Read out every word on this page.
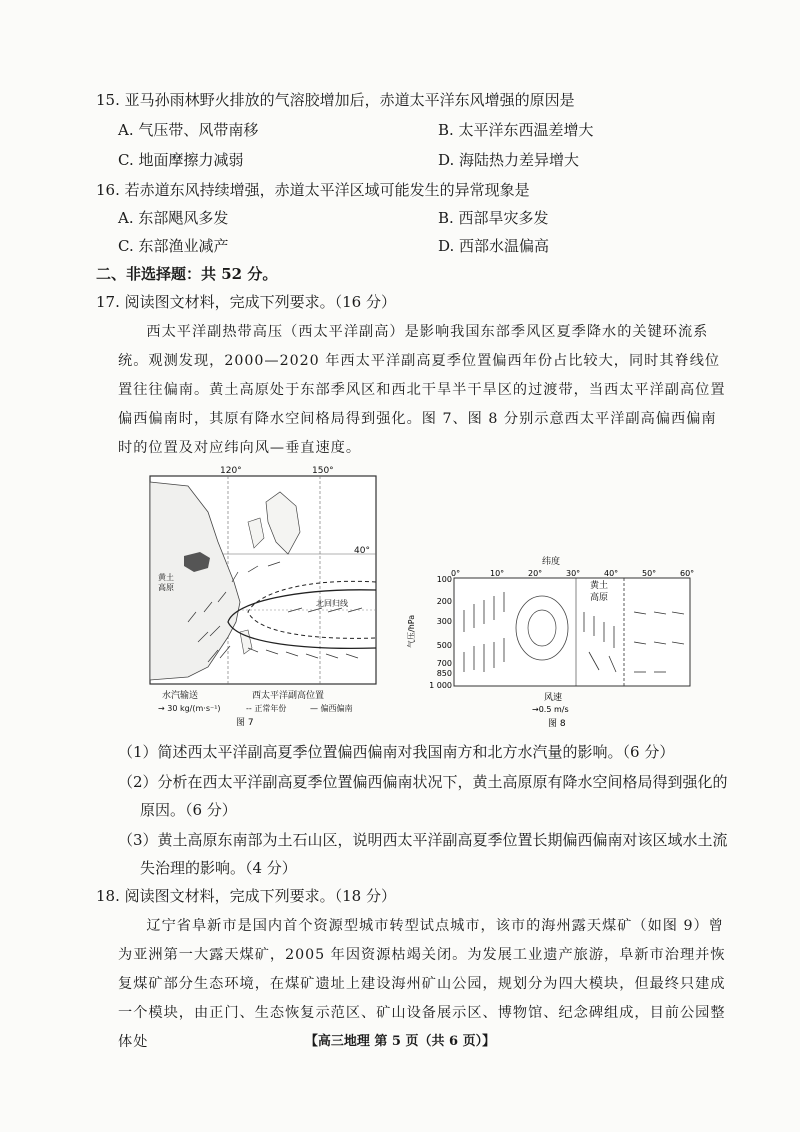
15. 亚马孙雨林野火排放的气溶胶增加后，赤道太平洋东风增强的原因是
A. 气压带、风带南移	B. 太平洋东西温差增大
C. 地面摩擦力减弱	D. 海陆热力差异增大
16. 若赤道东风持续增强，赤道太平洋区域可能发生的异常现象是
A. 东部飓风多发	B. 西部旱灾多发
C. 东部渔业减产	D. 西部水温偏高
二、非选择题：共 52 分。
17. 阅读图文材料，完成下列要求。（16 分）
西太平洋副热带高压（西太平洋副高）是影响我国东部季风区夏季降水的关键环流系统。观测发现，2000—2020 年西太平洋副高夏季位置偏西年份占比较大，同时其脊线位置往往偏南。黄土高原处于东部季风区和西北干旱半干旱区的过渡带，当西太平洋副高位置偏西偏南时，其原有降水空间格局得到强化。图 7、图 8 分别示意西太平洋副高偏西偏南时的位置及对应纬向风—垂直速度。
黄土
高原
120°	150°
40°
北回归线
水汽输送
→ 30 kg/(m·s⁻¹)
西太平洋副高位置
-- 正常年份	— 偏西偏南
图 7
纬度
0°	10°	20°	30°	40°	50°	60°
气压/hPa
100
200
300
500
700
850
1 000
黄土
高原
风速
→0.5 m/s
图 8
（1）简述西太平洋副高夏季位置偏西偏南对我国南方和北方水汽量的影响。（6 分）
（2）分析在西太平洋副高夏季位置偏西偏南状况下，黄土高原原有降水空间格局得到强化的
原因。（6 分）
（3）黄土高原东南部为土石山区，说明西太平洋副高夏季位置长期偏西偏南对该区域水土流
失治理的影响。（4 分）
18. 阅读图文材料，完成下列要求。（18 分）
辽宁省阜新市是国内首个资源型城市转型试点城市，该市的海州露天煤矿（如图 9）曾为亚洲第一大露天煤矿，2005 年因资源枯竭关闭。为发展工业遗产旅游，阜新市治理并恢复煤矿部分生态环境，在煤矿遗址上建设海州矿山公园，规划分为四大模块，但最终只建成一个模块，由正门、生态恢复示范区、矿山设备展示区、博物馆、纪念碑组成，目前公园整体处	【高三地理 第 5 页（共 6 页）】
